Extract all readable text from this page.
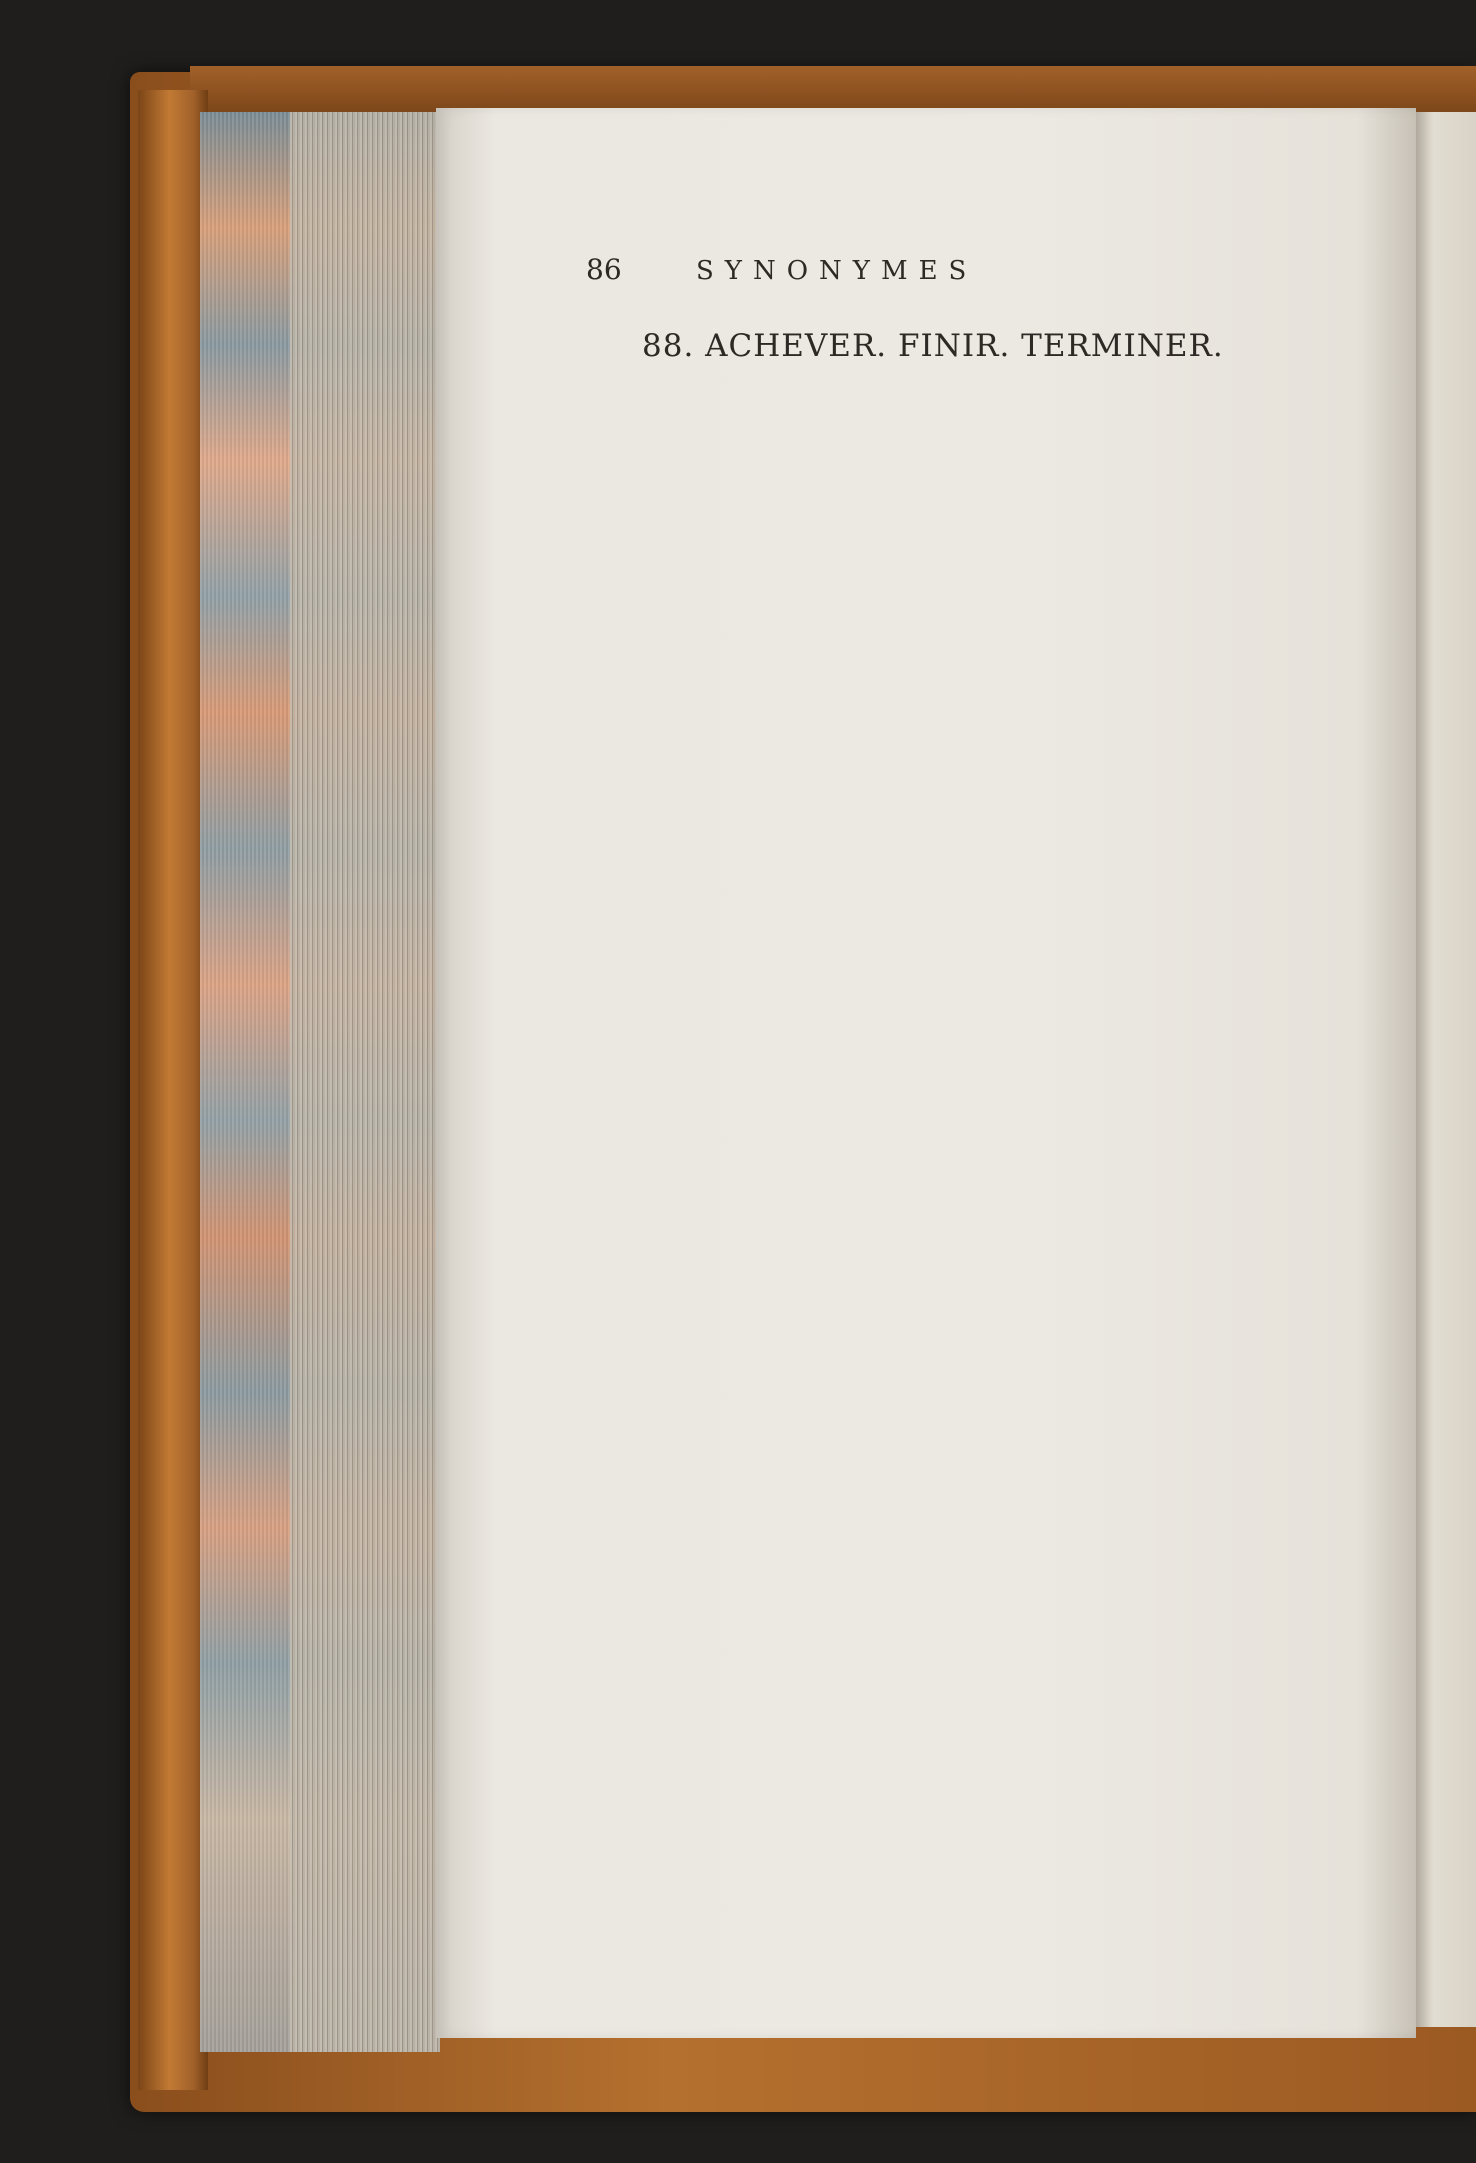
86	SYNONYMES
88. ACHEVER. FINIR. TERMINER.
